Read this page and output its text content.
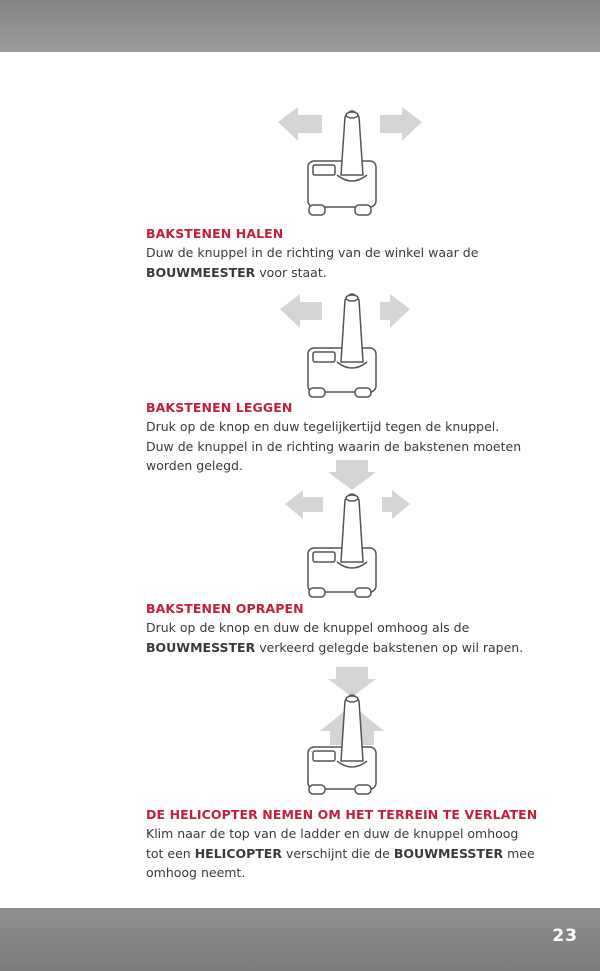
BAKSTENEN HALEN
Duw de knuppel in de richting van de winkel waar de
BOUWMEESTER voor staat.
BAKSTENEN LEGGEN
Druk op de knop en duw tegelijkertijd tegen de knuppel.
Duw de knuppel in de richting waarin de bakstenen moeten
worden gelegd.
BAKSTENEN OPRAPEN
Druk op de knop en duw de knuppel omhoog als de
BOUWMESSTER verkeerd gelegde bakstenen op wil rapen.
DE HELICOPTER NEMEN OM HET TERREIN TE VERLATEN
Klim naar de top van de ladder en duw de knuppel omhoog
tot een HELICOPTER verschijnt die de BOUWMESSTER mee
omhoog neemt.
23
